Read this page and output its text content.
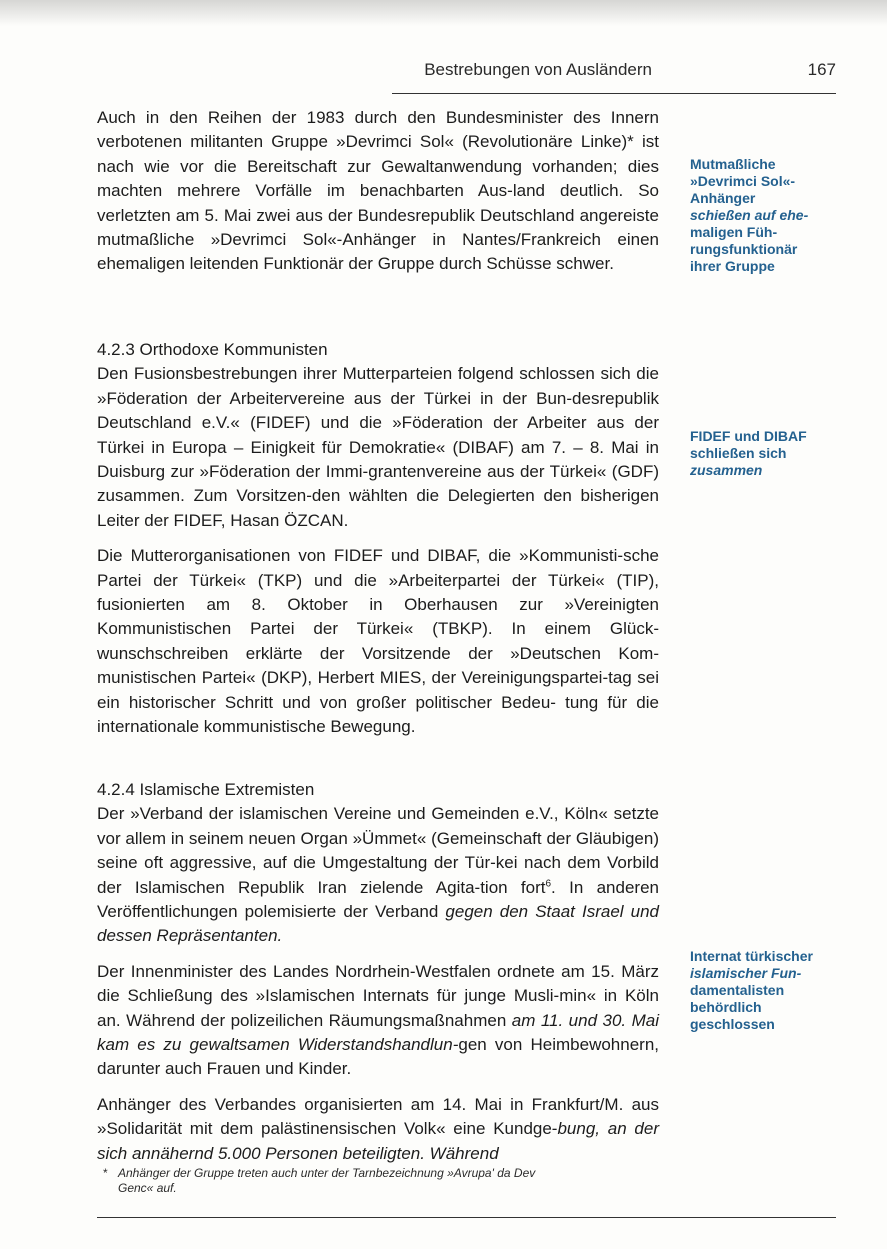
Bestrebungen von Ausländern	167

Auch in den Reihen der 1983 durch den Bundesminister des Innern verbotenen militanten Gruppe »Devrimci Sol« (Revolutionäre Linke)* ist nach wie vor die Bereitschaft zur Gewaltanwendung vorhanden; dies machten mehrere Vorfälle im benachbarten Aus-land deutlich. So verletzten am 5. Mai zwei aus der Bundesrepublik Deutschland angereiste mutmaßliche »Devrimci Sol«-Anhänger in Nantes/Frankreich einen ehemaligen leitenden Funktionär der Gruppe durch Schüsse schwer.

4.2.3 Orthodoxe Kommunisten

Den Fusionsbestrebungen ihrer Mutterparteien folgend schlossen sich die »Föderation der Arbeitervereine aus der Türkei in der Bun-desrepublik Deutschland e.V.« (FIDEF) und die »Föderation der Arbeiter aus der Türkei in Europa – Einigkeit für Demokratie« (DIBAF) am 7. – 8. Mai in Duisburg zur »Föderation der Immi-grantenvereine aus der Türkei« (GDF) zusammen. Zum Vorsitzen-den wählten die Delegierten den bisherigen Leiter der FIDEF, Hasan ÖZCAN.

Die Mutterorganisationen von FIDEF und DIBAF, die »Kommunisti-sche Partei der Türkei« (TKP) und die »Arbeiterpartei der Türkei« (TIP), fusionierten am 8. Oktober in Oberhausen zur »Vereinigten Kommunistischen Partei der Türkei« (TBKP). In einem Glück-wunschschreiben erklärte der Vorsitzende der »Deutschen Kom-munistischen Partei« (DKP), Herbert MIES, der Vereinigungspartei-tag sei ein historischer Schritt und von großer politischer Bedeu- tung für die internationale kommunistische Bewegung.

4.2.4 Islamische Extremisten

Der »Verband der islamischen Vereine und Gemeinden e.V., Köln« setzte vor allem in seinem neuen Organ »Ümmet« (Gemeinschaft der Gläubigen) seine oft aggressive, auf die Umgestaltung der Tür-kei nach dem Vorbild der Islamischen Republik Iran zielende Agita-tion fort$^6$. In anderen Veröffentlichungen polemisierte der Verband gegen den Staat Israel und dessen Repräsentanten.

Der Innenminister des Landes Nordrhein-Westfalen ordnete am 15. März die Schließung des »Islamischen Internats für junge Musli-min« in Köln an. Während der polizeilichen Räumungsmaßnahmen am 11. und 30. Mai kam es zu gewaltsamen Widerstandshandlun-gen von Heimbewohnern, darunter auch Frauen und Kinder.

Anhänger des Verbandes organisierten am 14. Mai in Frankfurt/M. aus »Solidarität mit dem palästinensischen Volk« eine Kundge-bung, an der sich annähernd 5.000 Personen beteiligten. Während

Mutmaßliche
»Devrimci Sol«-
Anhänger
schießen auf ehe-
maligen Füh-
rungsfunktionär
ihrer Gruppe
FIDEF und DIBAF
schließen sich
zusammen
Internat türkischer
islamischer Fun-
damentalisten
behördlich
geschlossen
* Anhänger der Gruppe treten auch unter der Tarnbezeichnung »Avrupa' da Dev
Genc« auf.
